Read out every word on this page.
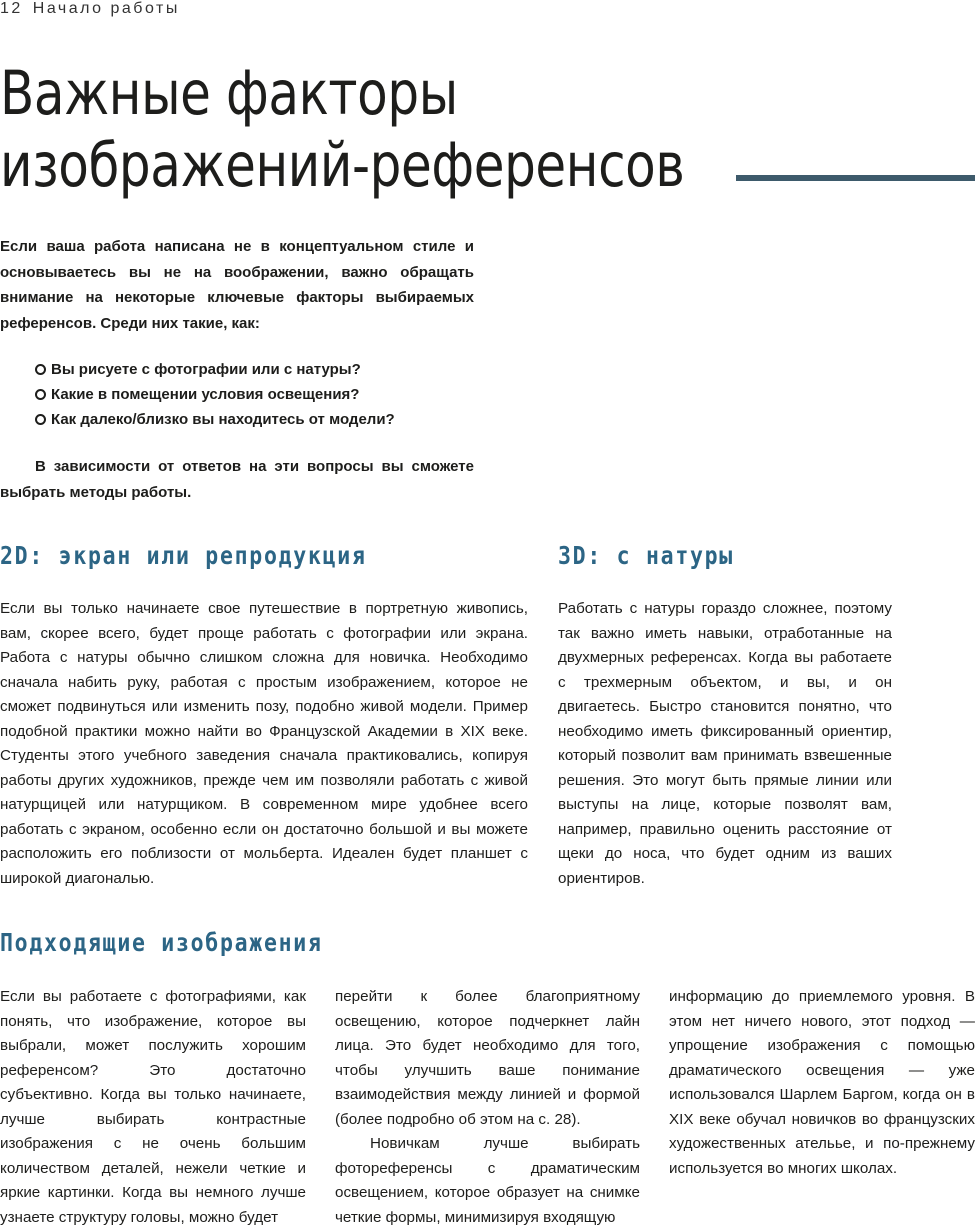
12 Начало работы
Важные факторы
изображений-референсов

Если ваша работа написана не в концептуальном стиле и основываетесь вы не на воображении, важно обращать внимание на некоторые ключевые факторы выбираемых референсов. Среди них такие, как:

Вы рисуете с фотографии или с натуры?
Какие в помещении условия освещения?
Как далеко/близко вы находитесь от модели?

В зависимости от ответов на эти вопросы вы сможете выбрать методы работы.

2D: экран или репродукция	3D: с натуры

Если вы только начинаете свое путешествие в портретную живопись, вам, скорее всего, будет проще работать с фотографии или экрана. Работа с натуры обычно слишком сложна для новичка. Необходимо сначала набить руку, работая с простым изображением, которое не сможет подвинуться или изменить позу, подобно живой модели. Пример подобной практики можно найти во Французской Академии в XIX веке. Студенты этого учебного заведения сначала практиковались, копируя работы других художников, прежде чем им позволяли работать с живой натурщицей или натурщиком. В современном мире удобнее всего работать с экраном, особенно если он достаточно большой и вы можете расположить его поблизости от мольберта. Идеален будет планшет с широкой диагональю.

Работать с натуры гораздо сложнее, поэтому так важно иметь навыки, отработанные на двухмерных референсах. Когда вы работаете с трехмерным объектом, и вы, и он двигаетесь. Быстро становится понятно, что необходимо иметь фиксированный ориентир, который позволит вам принимать взвешенные решения. Это могут быть прямые линии или выступы на лице, которые позволят вам, например, правильно оценить расстояние от щеки до носа, что будет одним из ваших ориентиров.

Подходящие изображения

Если вы работаете с фотографиями, как понять, что изображение, которое вы выбрали, может послужить хорошим референсом? Это достаточно субъективно. Когда вы только начинаете, лучше выбирать контрастные изображения с не очень большим количеством деталей, нежели четкие и яркие картинки. Когда вы немного лучше узнаете структуру головы, можно будет

перейти к более благоприятному освещению, которое подчеркнет лайн лица. Это будет необходимо для того, чтобы улучшить ваше понимание взаимодействия между линией и формой (более подробно об этом на с. 28).

Новичкам лучше выбирать фотореференсы с драматическим освещением, которое образует на снимке четкие формы, минимизируя входящую

информацию до приемлемого уровня. В этом нет ничего нового, этот подход — упрощение изображения с помощью драматического освещения — уже использовался Шарлем Баргом, когда он в XIX веке обучал новичков во французских художественных ательье, и по-прежнему используется во многих школах.
